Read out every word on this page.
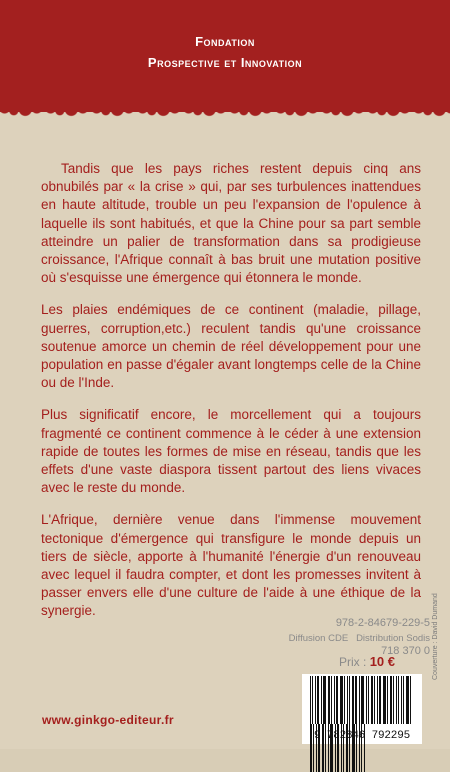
Fondation
Prospective et Innovation

Tandis que les pays riches restent depuis cinq ans obnubilés par « la crise » qui, par ses turbulences inattendues en haute altitude, trouble un peu l'expansion de l'opulence à laquelle ils sont habitués, et que la Chine pour sa part semble atteindre un palier de transformation dans sa prodigieuse croissance, l'Afrique connaît à bas bruit une mutation positive où s'esquisse une émergence qui étonnera le monde.

Les plaies endémiques de ce continent (maladie, pillage, guerres, corruption,etc.) reculent tandis qu'une croissance soutenue amorce un chemin de réel développement pour une population en passe d'égaler avant longtemps celle de la Chine ou de l'Inde.

Plus significatif encore, le morcellement qui a toujours fragmenté ce continent commence à le céder à une extension rapide de toutes les formes de mise en réseau, tandis que les effets d'une vaste diaspora tissent partout des liens vivaces avec le reste du monde.

L'Afrique, dernière venue dans l'immense mouvement tectonique d'émergence qui transfigure le monde depuis un tiers de siècle, apporte à l'humanité l'énergie d'un renouveau avec lequel il faudra compter, et dont les promesses invitent à passer envers elle d'une culture de l'aide à une éthique de la synergie.

978-2-84679-229-5
Diffusion CDE   Distribution Sodis
718 370 0
Prix : 10 €
9 782846 792295
Couverture : David Dumand
www.ginkgo-editeur.fr
